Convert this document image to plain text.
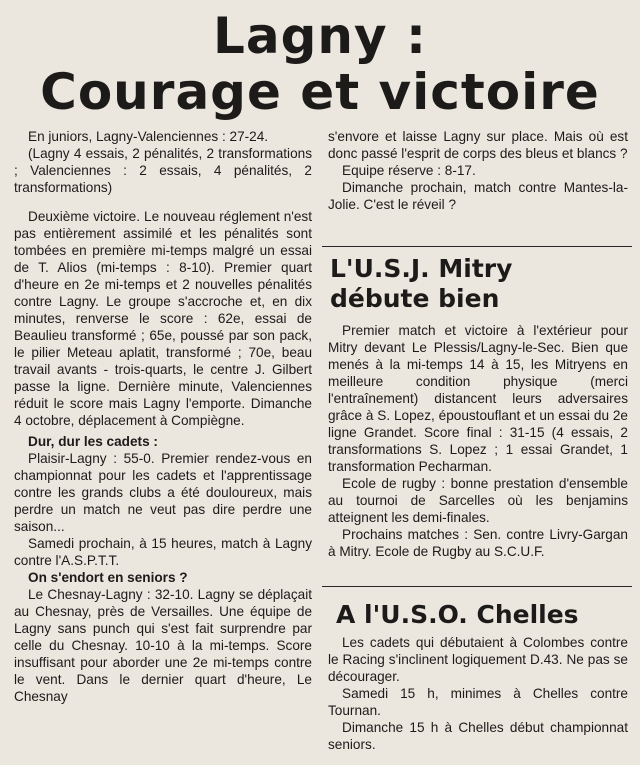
Lagny :
Courage et victoire

En juniors, Lagny-Valenciennes : 27-24.

(Lagny 4 essais, 2 pénalités, 2 transformations ; Valenciennes : 2 essais, 4 pénalités, 2 transformations)

Deuxième victoire. Le nouveau réglement n'est pas entièrement assimilé et les pénalités sont tombées en première mi-temps malgré un essai de T. Alios (mi-temps : 8-10). Premier quart d'heure en 2e mi-temps et 2 nouvelles pénalités contre Lagny. Le groupe s'accroche et, en dix minutes, renverse le score : 62e, essai de Beaulieu transformé ; 65e, poussé par son pack, le pilier Meteau aplatit, transformé ; 70e, beau travail avants - trois-quarts, le centre J. Gilbert passe la ligne. Dernière minute, Valenciennes réduit le score mais Lagny l'emporte. Dimanche 4 octobre, déplacement à Compiègne.

Dur, dur les cadets :

Plaisir-Lagny : 55-0. Premier rendez-vous en championnat pour les cadets et l'apprentissage contre les grands clubs a été douloureux, mais perdre un match ne veut pas dire perdre une saison...

Samedi prochain, à 15 heures, match à Lagny contre l'A.S.P.T.T.

On s'endort en seniors ?

Le Chesnay-Lagny : 32-10. Lagny se déplaçait au Chesnay, près de Versailles. Une équipe de Lagny sans punch qui s'est fait surprendre par celle du Chesnay. 10-10 à la mi-temps. Score insuffisant pour aborder une 2e mi-temps contre le vent. Dans le dernier quart d'heure, Le Chesnay

s'envore et laisse Lagny sur place. Mais où est donc passé l'esprit de corps des bleus et blancs ?

Equipe réserve : 8-17.

Dimanche prochain, match contre Mantes-la-Jolie. C'est le réveil ?

L'U.S.J. Mitry
débute bien

Premier match et victoire à l'extérieur pour Mitry devant Le Plessis/Lagny-le-Sec. Bien que menés à la mi-temps 14 à 15, les Mitryens en meilleure condition physique (merci l'entraînement) distancent leurs adversaires grâce à S. Lopez, époustouflant et un essai du 2e ligne Grandet. Score final : 31-15 (4 essais, 2 transformations S. Lopez ; 1 essai Grandet, 1 transformation Pecharman.

Ecole de rugby : bonne prestation d'ensemble au tournoi de Sarcelles où les benjamins atteignent les demi-finales.

Prochains matches : Sen. contre Livry-Gargan à Mitry. Ecole de Rugby au S.C.U.F.

A l'U.S.O. Chelles

Les cadets qui débutaient à Colombes contre le Racing s'inclinent logiquement D.43. Ne pas se décourager.

Samedi 15 h, minimes à Chelles contre Tournan.

Dimanche 15 h à Chelles début championnat seniors.
